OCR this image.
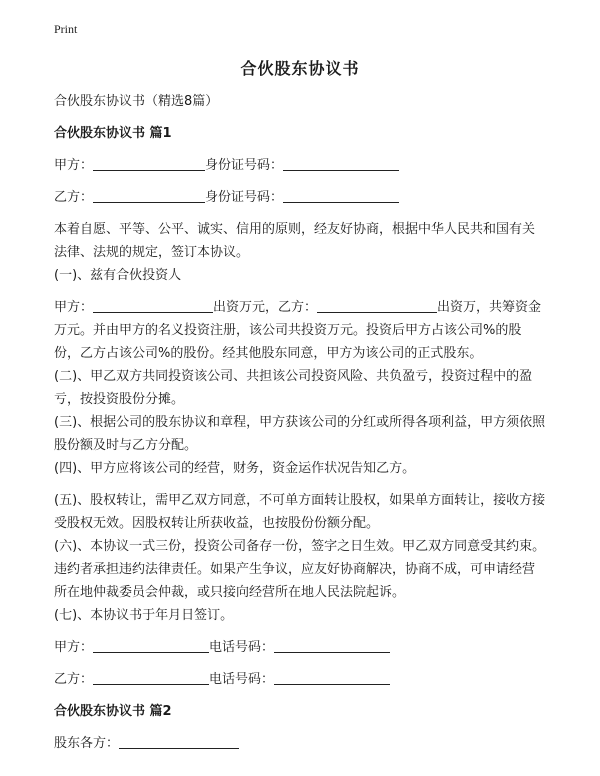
Print
合伙股东协议书
合伙股东协议书（精选8篇）
合伙股东协议书 篇1
甲方：	身份证号码：
乙方：	身份证号码：
本着自愿、平等、公平、诚实、信用的原则，经友好协商，根据中华人民共和国有关法律、法规的规定，签订本协议。
(一)、兹有合伙投资人
甲方：	出资万元，乙方：	出资万，共筹资金
万元。并由甲方的名义投资注册，该公司共投资万元。投资后甲方占该公司%的股份，乙方占该公司%的股份。经其他股东同意，甲方为该公司的正式股东。
(二)、甲乙双方共同投资该公司、共担该公司投资风险、共负盈亏，投资过程中的盈亏，按投资股份分摊。
(三)、根据公司的股东协议和章程，甲方获该公司的分红或所得各项利益，甲方须依照股份额及时与乙方分配。
(四)、甲方应将该公司的经营，财务，资金运作状况告知乙方。
(五)、股权转让，需甲乙双方同意，不可单方面转让股权，如果单方面转让，接收方接受股权无效。因股权转让所获收益，也按股份份额分配。
(六)、本协议一式三份，投资公司备存一份，签字之日生效。甲乙双方同意受其约束。违约者承担违约法律责任。如果产生争议，应友好协商解决，协商不成，可申请经营所在地仲裁委员会仲裁，或只接向经营所在地人民法院起诉。
(七)、本协议书于年月日签订。
甲方：	电话号码：
乙方：	电话号码：
合伙股东协议书 篇2
股东各方：
